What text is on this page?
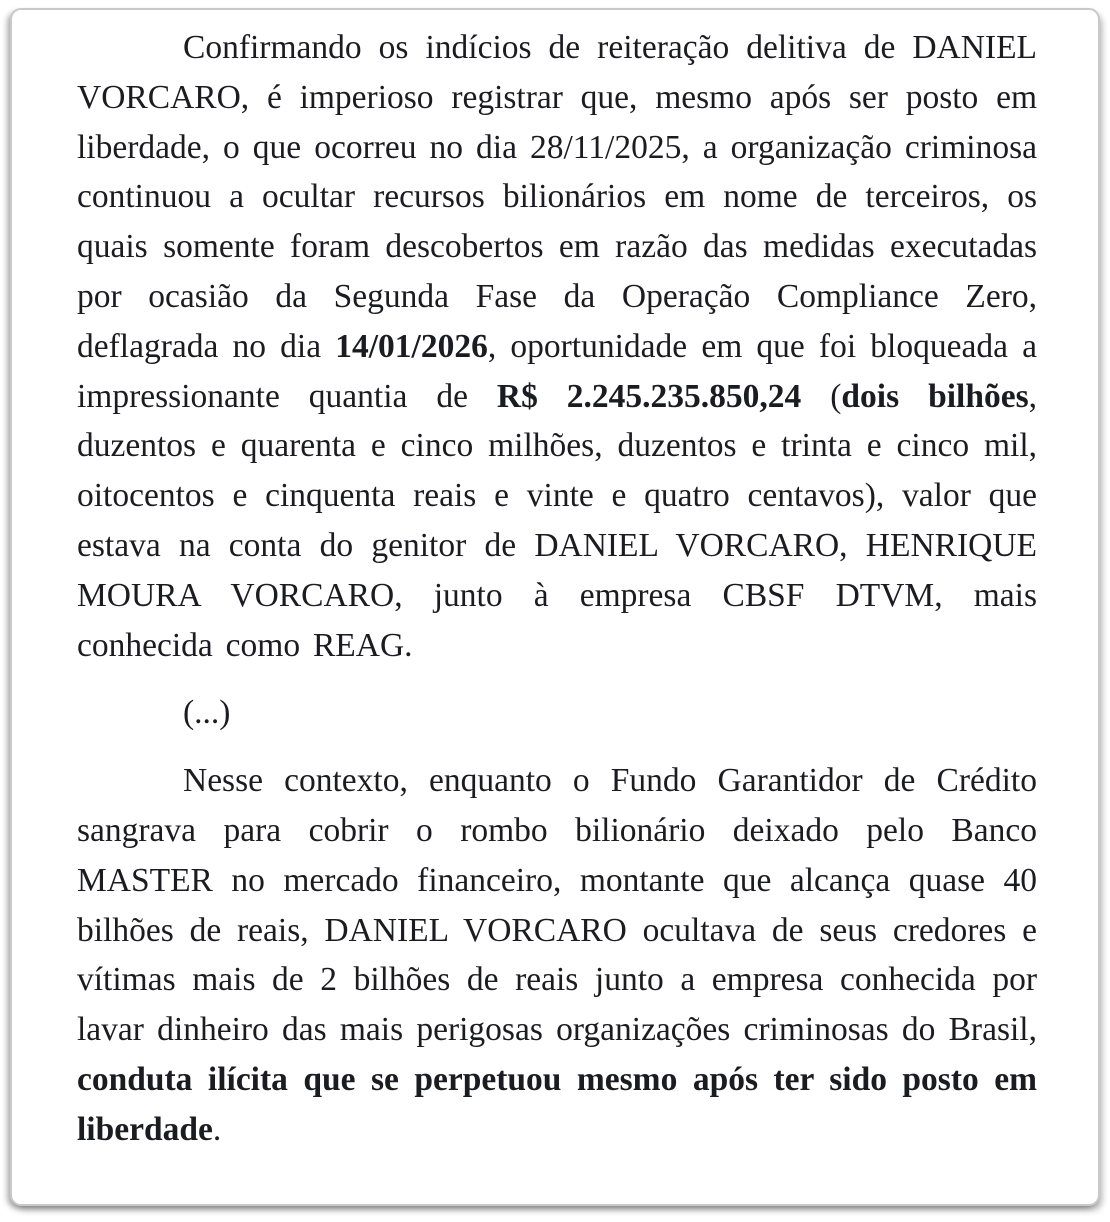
Confirmando os indícios de reiteração delitiva de DANIEL VORCARO, é imperioso registrar que, mesmo após ser posto em liberdade, o que ocorreu no dia 28/11/2025, a organização criminosa continuou a ocultar recursos bilionários em nome de terceiros, os quais somente foram descobertos em razão das medidas executadas por ocasião da Segunda Fase da Operação Compliance Zero, deflagrada no dia 14/01/2026, oportunidade em que foi bloqueada a impressionante quantia de R$ 2.245.235.850,24 (dois bilhões, duzentos e quarenta e cinco milhões, duzentos e trinta e cinco mil, oitocentos e cinquenta reais e vinte e quatro centavos), valor que estava na conta do genitor de DANIEL VORCARO, HENRIQUE MOURA VORCARO, junto à empresa CBSF DTVM, mais conhecida como REAG.

(...)

Nesse contexto, enquanto o Fundo Garantidor de Crédito sangrava para cobrir o rombo bilionário deixado pelo Banco MASTER no mercado financeiro, montante que alcança quase 40 bilhões de reais, DANIEL VORCARO ocultava de seus credores e vítimas mais de 2 bilhões de reais junto a empresa conhecida por lavar dinheiro das mais perigosas organizações criminosas do Brasil, conduta ilícita que se perpetuou mesmo após ter sido posto em liberdade.
